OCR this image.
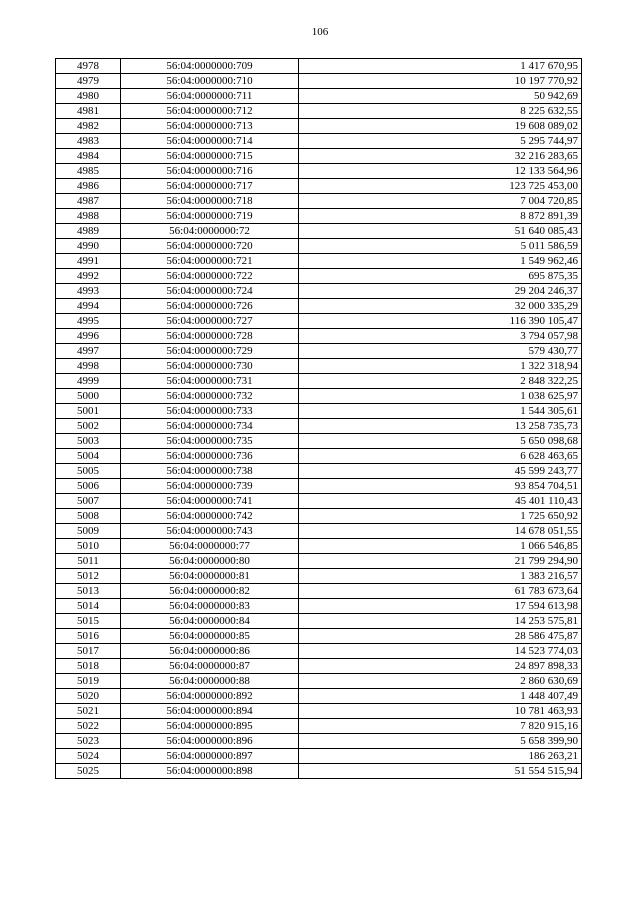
106
4978	56:04:0000000:709	1 417 670,95
4979	56:04:0000000:710	10 197 770,92
4980	56:04:0000000:711	50 942,69
4981	56:04:0000000:712	8 225 632,55
4982	56:04:0000000:713	19 608 089,02
4983	56:04:0000000:714	5 295 744,97
4984	56:04:0000000:715	32 216 283,65
4985	56:04:0000000:716	12 133 564,96
4986	56:04:0000000:717	123 725 453,00
4987	56:04:0000000:718	7 004 720,85
4988	56:04:0000000:719	8 872 891,39
4989	56:04:0000000:72	51 640 085,43
4990	56:04:0000000:720	5 011 586,59
4991	56:04:0000000:721	1 549 962,46
4992	56:04:0000000:722	695 875,35
4993	56:04:0000000:724	29 204 246,37
4994	56:04:0000000:726	32 000 335,29
4995	56:04:0000000:727	116 390 105,47
4996	56:04:0000000:728	3 794 057,98
4997	56:04:0000000:729	579 430,77
4998	56:04:0000000:730	1 322 318,94
4999	56:04:0000000:731	2 848 322,25
5000	56:04:0000000:732	1 038 625,97
5001	56:04:0000000:733	1 544 305,61
5002	56:04:0000000:734	13 258 735,73
5003	56:04:0000000:735	5 650 098,68
5004	56:04:0000000:736	6 628 463,65
5005	56:04:0000000:738	45 599 243,77
5006	56:04:0000000:739	93 854 704,51
5007	56:04:0000000:741	45 401 110,43
5008	56:04:0000000:742	1 725 650,92
5009	56:04:0000000:743	14 678 051,55
5010	56:04:0000000:77	1 066 546,85
5011	56:04:0000000:80	21 799 294,90
5012	56:04:0000000:81	1 383 216,57
5013	56:04:0000000:82	61 783 673,64
5014	56:04:0000000:83	17 594 613,98
5015	56:04:0000000:84	14 253 575,81
5016	56:04:0000000:85	28 586 475,87
5017	56:04:0000000:86	14 523 774,03
5018	56:04:0000000:87	24 897 898,33
5019	56:04:0000000:88	2 860 630,69
5020	56:04:0000000:892	1 448 407,49
5021	56:04:0000000:894	10 781 463,93
5022	56:04:0000000:895	7 820 915,16
5023	56:04:0000000:896	5 658 399,90
5024	56:04:0000000:897	186 263,21
5025	56:04:0000000:898	51 554 515,94
